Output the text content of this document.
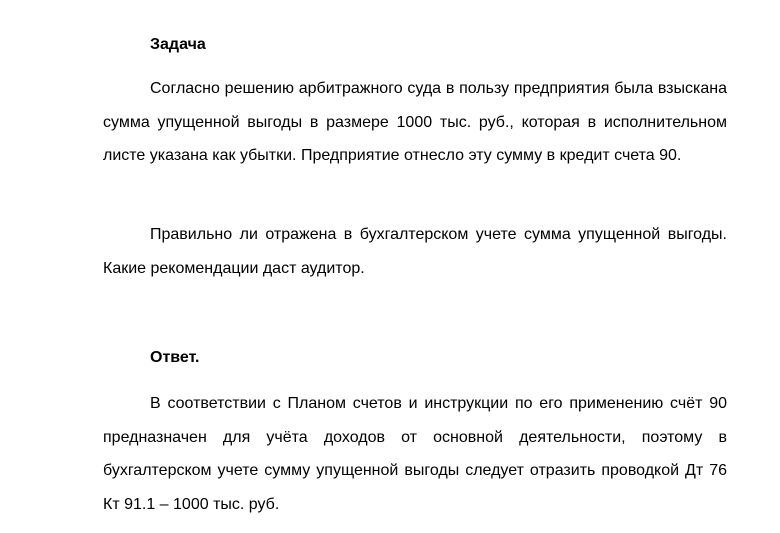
Задача

Согласно решению арбитражного суда в пользу предприятия была взыскана сумма упущенной выгоды в размере 1000 тыс. руб., которая в исполнительном листе указана как убытки. Предприятие отнесло эту сумму в кредит счета 90.

Правильно ли отражена в бухгалтерском учете сумма упущенной выгоды. Какие рекомендации даст аудитор.

Ответ.

В соответствии с Планом счетов и инструкции по его применению счёт 90 предназначен для учёта доходов от основной деятельности, поэтому в бухгалтерском учете сумму упущенной выгоды следует отразить проводкой Дт 76 Кт 91.1 – 1000 тыс. руб.
